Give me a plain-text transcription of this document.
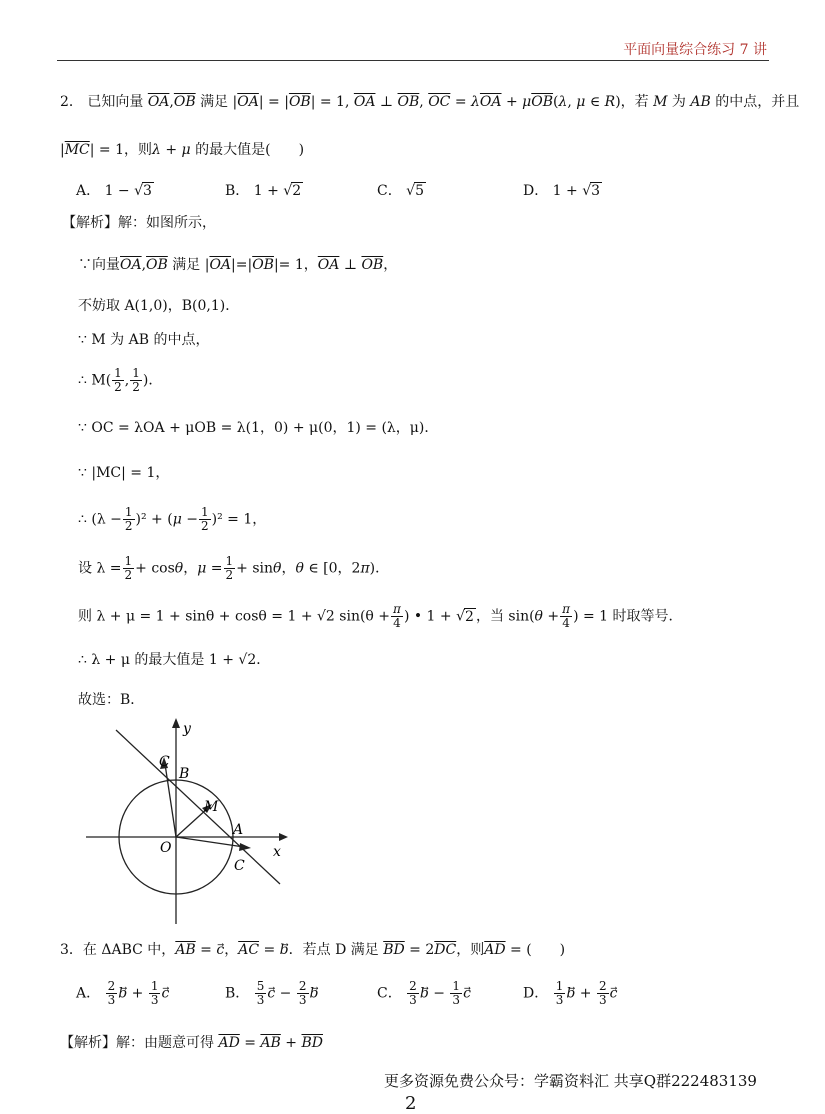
平面向量综合练习 7 讲
2． 已知向量 $\overline{OA},\overline{OB}$ 满足 $|\overline{OA}| = |\overline{OB}| = 1$, $\overline{OA}$ ⊥ $\overline{OB}$, $\overline{OC} = \lambda\overline{OA} + \mu\overline{OB}(\lambda$, μ ∈ R)，若 M 为 AB 的中点，并且
$|\overline{MC}| = 1$，则λ + μ 的最大值是(　　)
A． 1 − √3	B． 1 + √2	C． √5	D． 1 + √3
【解析】解：如图所示，
∵向量$\overline{OA},\overline{OB}$ 满足 $|\overline{OA}|=|\overline{OB}|= 1$，$\overline{OA}$ ⊥ $\overline{OB}$，
不妨取 A(1,0)，B(0,1)．
∵ M 为 AB 的中点，
∴ $M( \frac{1}{2}$ , $\frac{1}{2}$ )．
∵ OC = λOA + μOB = λ(1，0) + μ(0，1) = (λ，μ)．
∵ |MC| = 1，
∴ $(\lambda - \frac{1}{2} )^2 + (\mu - \frac{1}{2} )^2 = 1$，
设 $\lambda = \frac{1}{2} + \cos\theta$，$\mu = \frac{1}{2} + \sin\theta$，θ ∈ [0，2π)．
则 λ + μ = 1 + sinθ + cosθ = 1 + √2 $\sin(\theta + \frac{\pi}{4}$ ) • 1 + √2 ，当 $\sin(\theta + \frac{\pi}{4}$ ) = 1 时取等号．
∴ λ + μ 的最大值是 1 + √2．
故选：B．
y
x
O
A
B
M
C
C
3．在 ΔABC 中，$\overline{AB}$ = c⃗，$\overline{AC} = b$．若点 D 满足 $\overline{BD} = 2\overline{DC}$，则$\overline{AD}$ = (　　)
A． $\frac{2}{3}$ b⃗ + $\frac{1}{3}$ c	B． $\frac{5}{3}$ c⃗ − $\frac{2}{3}$ b	C． $\frac{2}{3}$ b⃗ − $\frac{1}{3}$ c	D． $\frac{1}{3}$ b⃗ + $\frac{2}{3}$ c
【解析】解：由题意可得 $\overline{AD} = \overline{AB} + \overline{BD}$
更多资源免费公众号：学霸资料汇 共享Q群222483139
2
